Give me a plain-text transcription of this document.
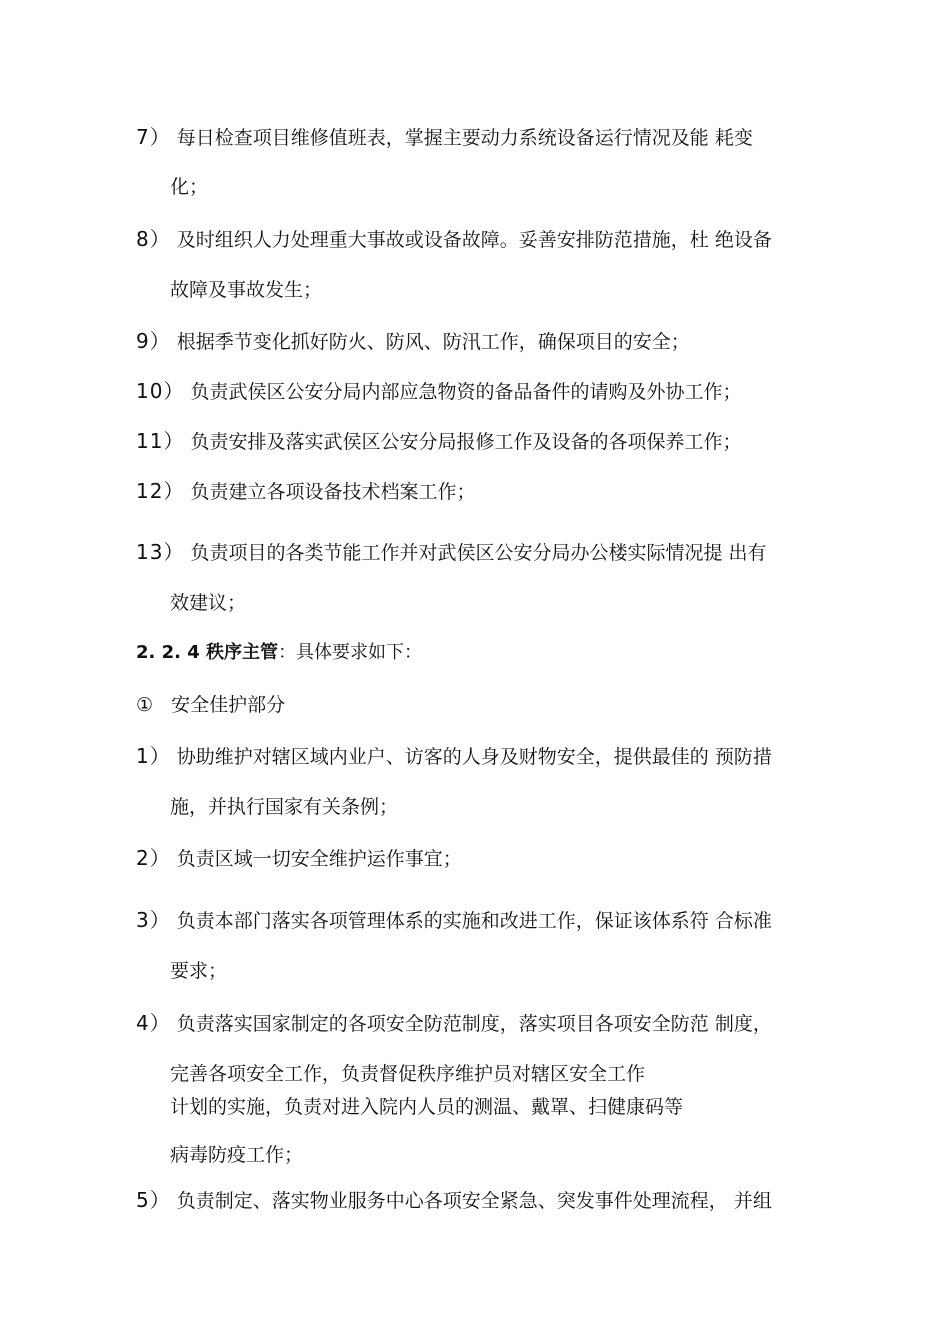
7） 每日检查项目维修值班表，掌握主要动力系统设备运行情况及能 耗变
化；
8） 及时组织人力处理重大事故或设备故障。妥善安排防范措施，杜 绝设备
故障及事故发生；
9） 根据季节变化抓好防火、防风、防汛工作，确保项目的安全；
10） 负责武侯区公安分局内部应急物资的备品备件的请购及外协工作；
11） 负责安排及落实武侯区公安分局报修工作及设备的各项保养工作；
12） 负责建立各项设备技术档案工作；
13） 负责项目的各类节能工作并对武侯区公安分局办公楼实际情况提 出有
效建议；
2. 2. 4 秩序主管：具体要求如下：
① 安全佳护部分
1） 协助维护对辖区域内业户、访客的人身及财物安全，提供最佳的 预防措
施，并执行国家有关条例；
2） 负责区域一切安全维护运作事宜；
3） 负责本部门落实各项管理体系的实施和改进工作，保证该体系符 合标准
要求；
4） 负责落实国家制定的各项安全防范制度，落实项目各项安全防范 制度，
完善各项安全工作，负责督促秩序维护员对辖区安全工作
计划的实施，负责对进入院内人员的测温、戴罩、扫健康码等
病毒防疫工作；
5） 负责制定、落实物业服务中心各项安全紧急、突发事件处理流程， 并组
